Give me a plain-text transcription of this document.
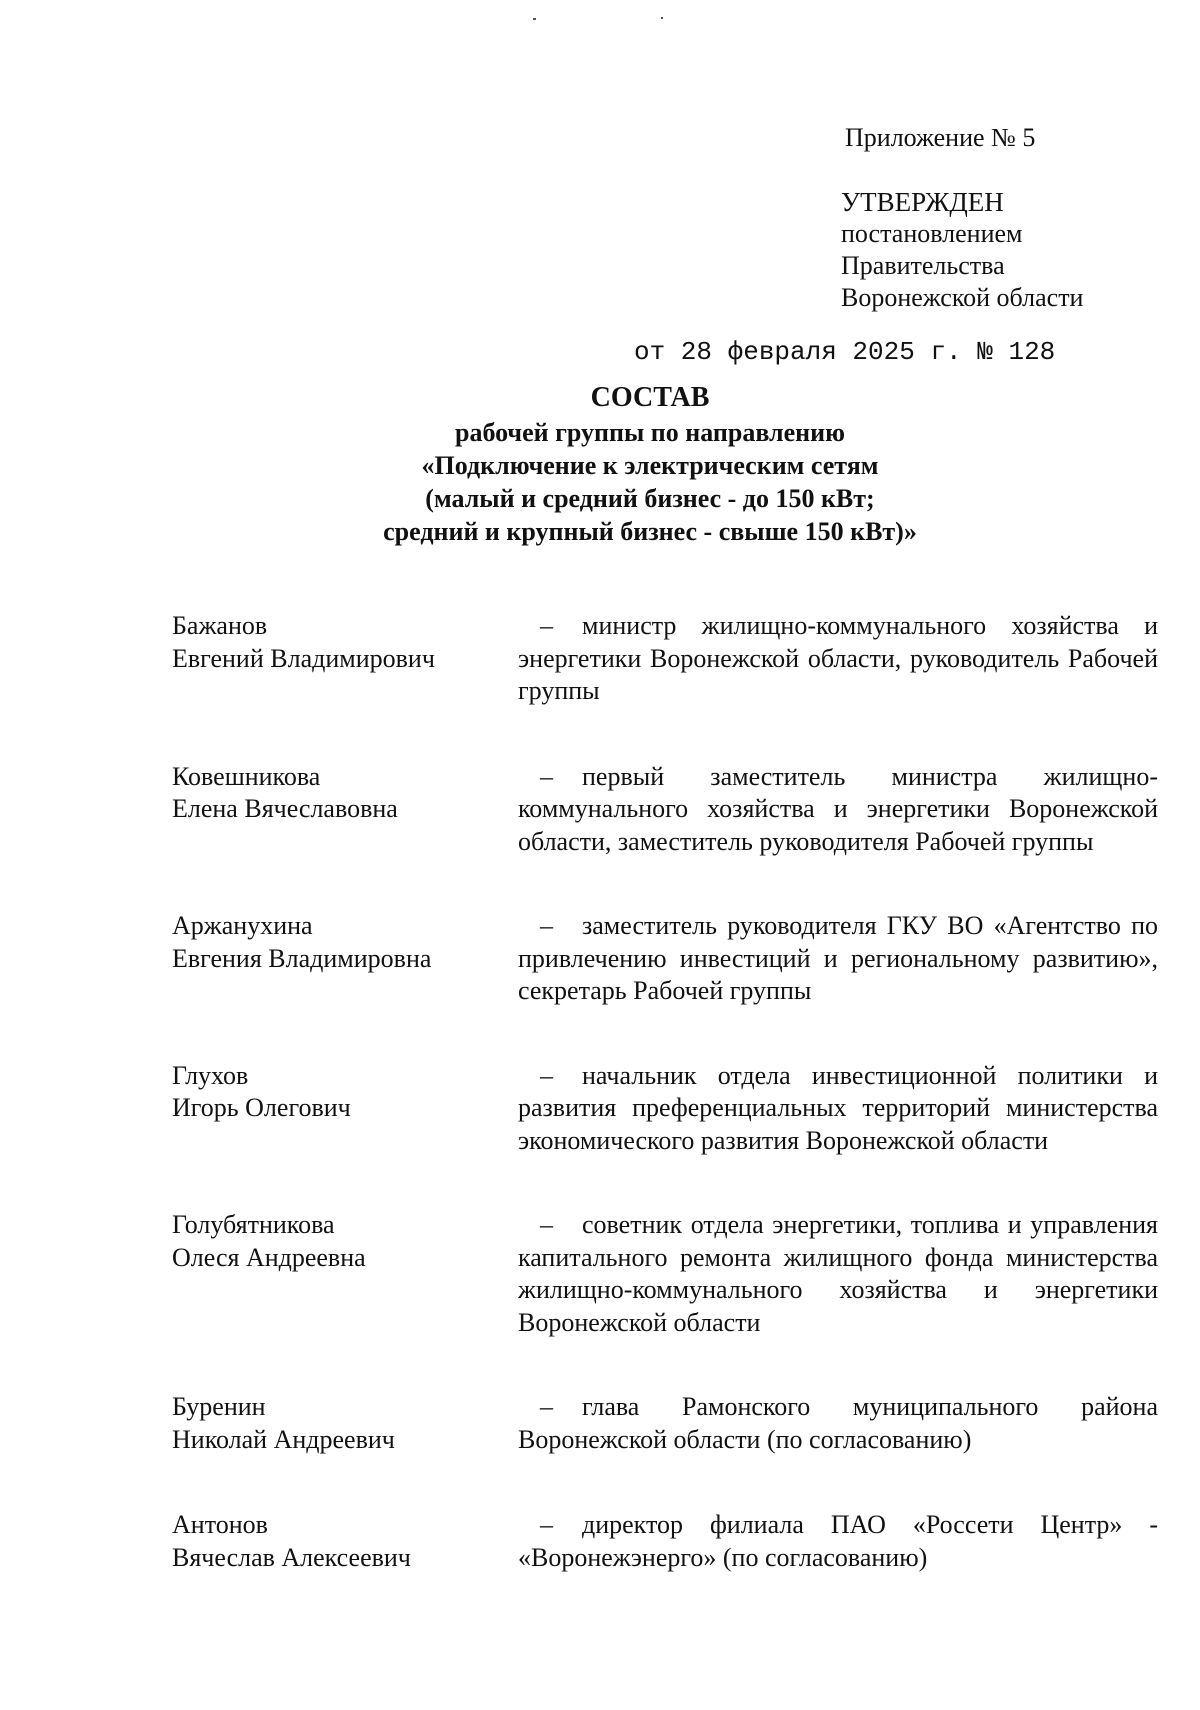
Приложение № 5
УТВЕРЖДЕН
постановлением
Правительства
Воронежской области
от 28 февраля 2025 г. № 128
СОСТАВ
рабочей группы по направлению
«Подключение к электрическим сетям
(малый и средний бизнес - до 150 кВт;
средний и крупный бизнес - свыше 150 кВт)»
Бажанов
Евгений Владимирович
– министр жилищно-коммунального хозяйства и энергетики Воронежской области, руководитель Рабочей группы
Ковешникова
Елена Вячеславовна
– первый заместитель министра жилищно-коммунального хозяйства и энергетики Воронежской области, заместитель руководителя Рабочей группы
Аржанухина
Евгения Владимировна
– заместитель руководителя ГКУ ВО «Агентство по привлечению инвестиций и региональному развитию», секретарь Рабочей группы
Глухов
Игорь Олегович
– начальник отдела инвестиционной политики и развития преференциальных территорий министерства экономического развития Воронежской области
Голубятникова
Олеся Андреевна
– советник отдела энергетики, топлива и управления капитального ремонта жилищного фонда министерства жилищно-коммунального хозяйства и энергетики Воронежской области
Буренин
Николай Андреевич
– глава Рамонского муниципального района Воронежской области (по согласованию)
Антонов
Вячеслав Алексеевич
– директор филиала ПАО «Россети Центр» - «Воронежэнерго» (по согласованию)
